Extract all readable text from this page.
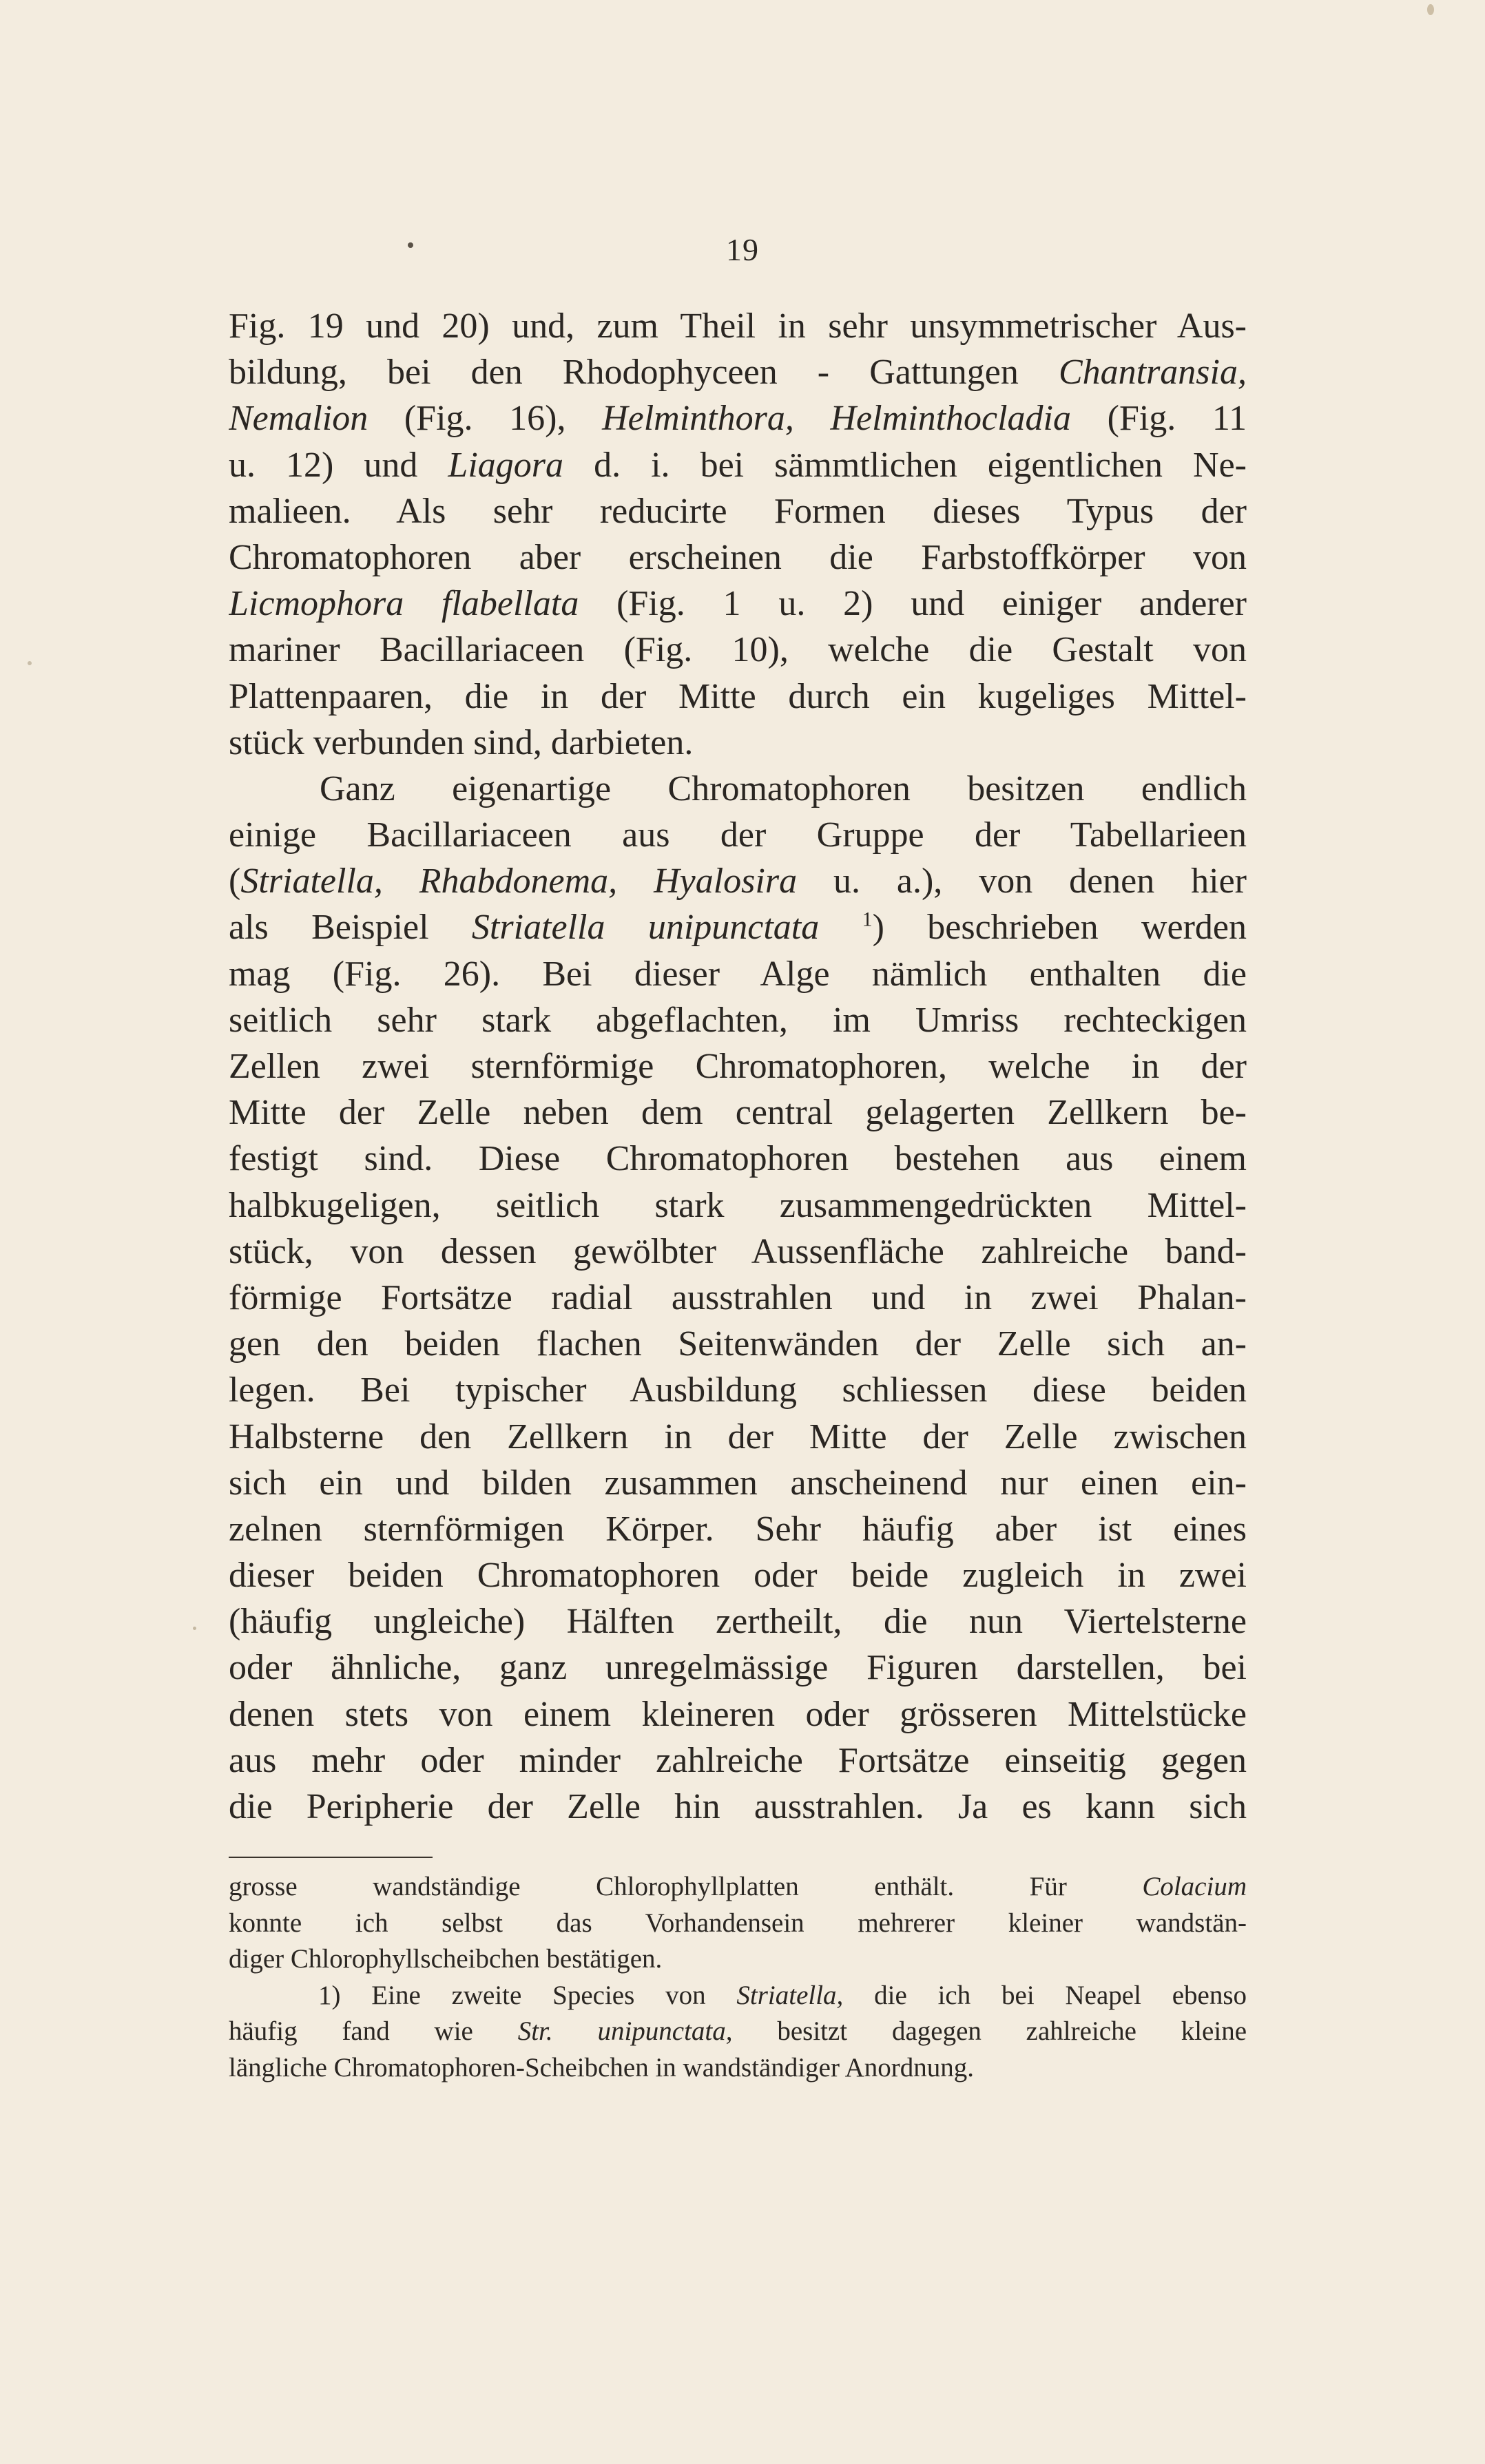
19
Fig. 19 und 20) und, zum Theil in sehr unsymmetrischer Aus-
bildung, bei den Rhodophyceen - Gattungen Chantransia,
Nemalion (Fig. 16), Helminthora, Helminthocladia (Fig. 11
u. 12) und Liagora d. i. bei sämmtlichen eigentlichen Ne-
malieen. Als sehr reducirte Formen dieses Typus der
Chromatophoren aber erscheinen die Farbstoffkörper von
Licmophora flabellata (Fig. 1 u. 2) und einiger anderer
mariner Bacillariaceen (Fig. 10), welche die Gestalt von
Plattenpaaren, die in der Mitte durch ein kugeliges Mittel-
stück verbunden sind, darbieten.
Ganz eigenartige Chromatophoren besitzen endlich
einige Bacillariaceen aus der Gruppe der Tabellarieen
(Striatella, Rhabdonema, Hyalosira u. a.), von denen hier
als Beispiel Striatella unipunctata $^1$) beschrieben werden
mag (Fig. 26). Bei dieser Alge nämlich enthalten die
seitlich sehr stark abgeflachten, im Umriss rechteckigen
Zellen zwei sternförmige Chromatophoren, welche in der
Mitte der Zelle neben dem central gelagerten Zellkern be-
festigt sind. Diese Chromatophoren bestehen aus einem
halbkugeligen, seitlich stark zusammengedrückten Mittel-
stück, von dessen gewölbter Aussenfläche zahlreiche band-
förmige Fortsätze radial ausstrahlen und in zwei Phalan-
gen den beiden flachen Seitenwänden der Zelle sich an-
legen. Bei typischer Ausbildung schliessen diese beiden
Halbsterne den Zellkern in der Mitte der Zelle zwischen
sich ein und bilden zusammen anscheinend nur einen ein-
zelnen sternförmigen Körper. Sehr häufig aber ist eines
dieser beiden Chromatophoren oder beide zugleich in zwei
(häufig ungleiche) Hälften zertheilt, die nun Viertelsterne
oder ähnliche, ganz unregelmässige Figuren darstellen, bei
denen stets von einem kleineren oder grösseren Mittelstücke
aus mehr oder minder zahlreiche Fortsätze einseitig gegen
die Peripherie der Zelle hin ausstrahlen. Ja es kann sich
grosse wandständige Chlorophyllplatten enthält. Für Colacium
konnte ich selbst das Vorhandensein mehrerer kleiner wandstän-
diger Chlorophyllscheibchen bestätigen.
1) Eine zweite Species von Striatella, die ich bei Neapel ebenso
häufig fand wie Str. unipunctata, besitzt dagegen zahlreiche kleine
längliche Chromatophoren-Scheibchen in wandständiger Anordnung.
